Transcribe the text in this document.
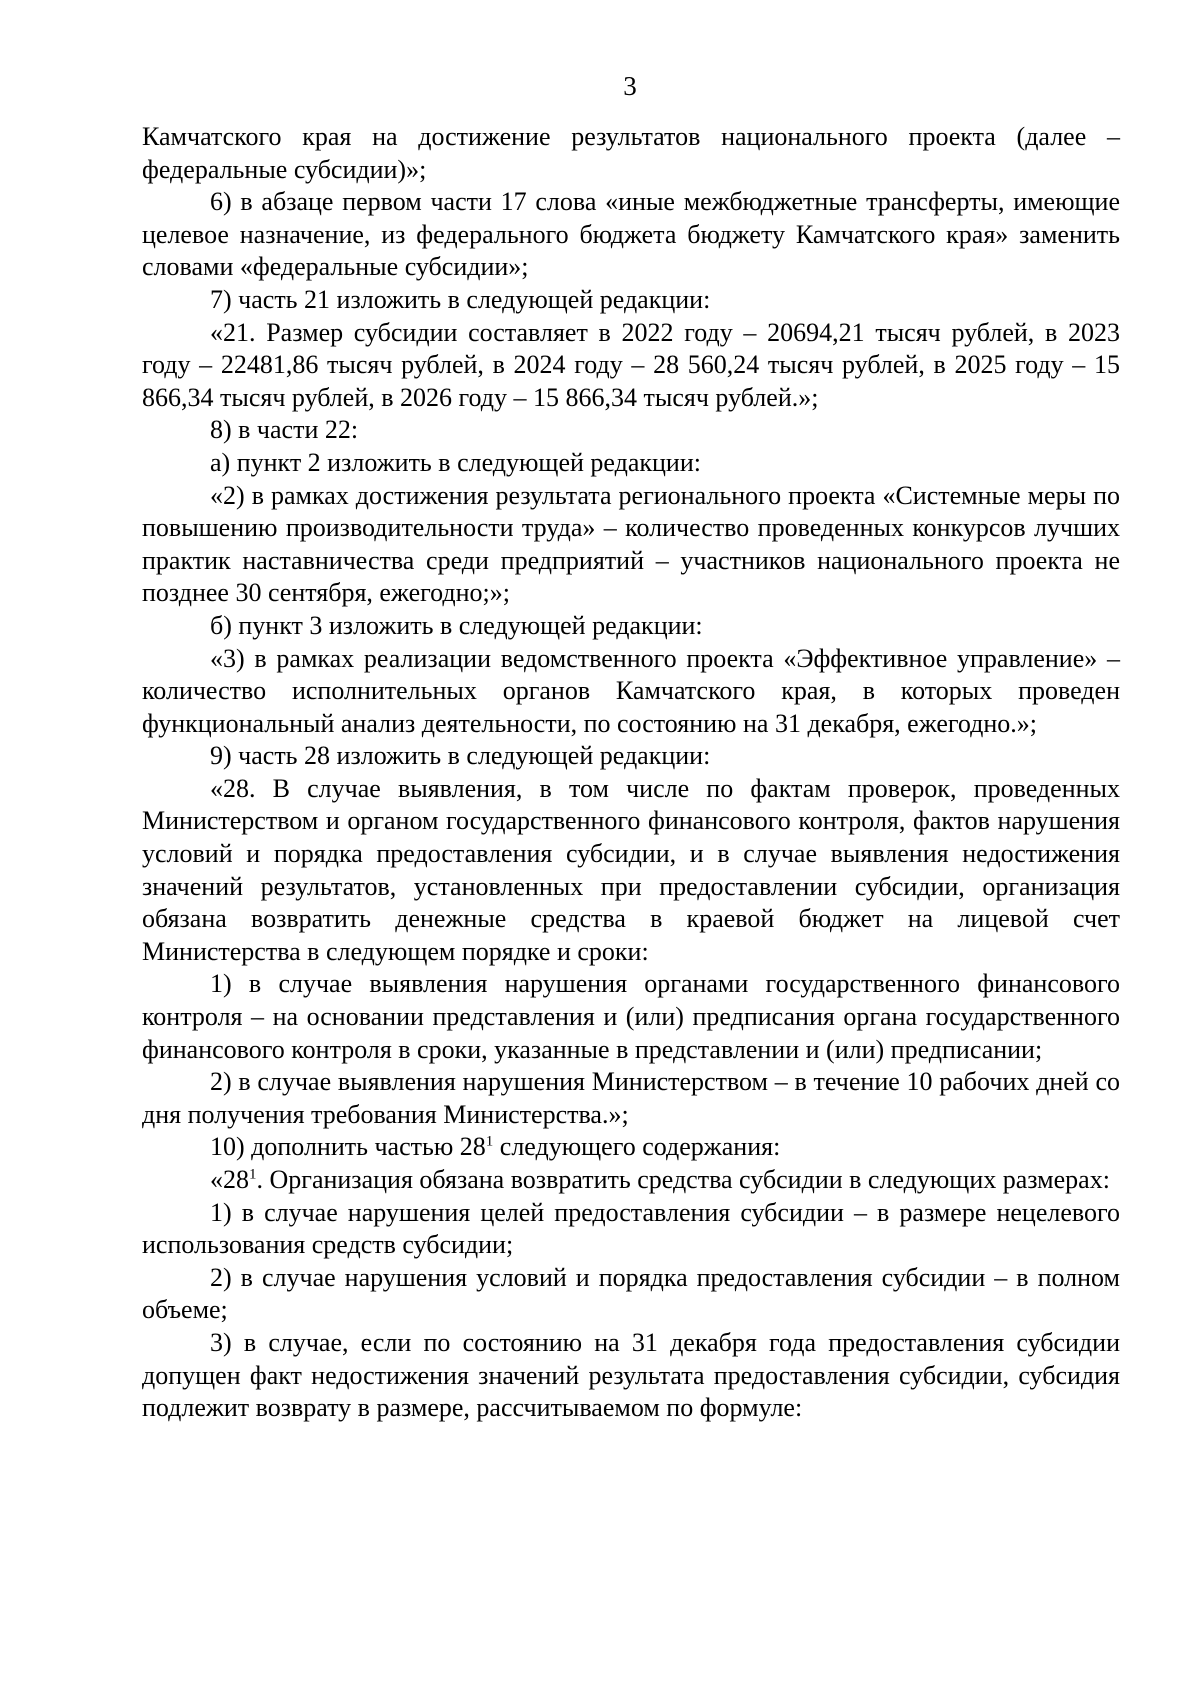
3

Камчатского края на достижение результатов национального проекта (далее – федеральные субсидии)»;

6) в абзаце первом части 17 слова «иные межбюджетные трансферты, имеющие целевое назначение, из федерального бюджета бюджету Камчатского края» заменить словами «федеральные субсидии»;

7) часть 21 изложить в следующей редакции:

«21. Размер субсидии составляет в 2022 году – 20694,21 тысяч рублей, в 2023 году – 22481,86 тысяч рублей, в 2024 году – 28 560,24 тысяч рублей, в 2025 году – 15 866,34 тысяч рублей, в 2026 году – 15 866,34 тысяч рублей.»;

8) в части 22:

а) пункт 2 изложить в следующей редакции:

«2) в рамках достижения результата регионального проекта «Системные меры по повышению производительности труда» – количество проведенных конкурсов лучших практик наставничества среди предприятий – участников национального проекта не позднее 30 сентября, ежегодно;»;

б) пункт 3 изложить в следующей редакции:

«3) в рамках реализации ведомственного проекта «Эффективное управление» – количество исполнительных органов Камчатского края, в которых проведен функциональный анализ деятельности, по состоянию на 31 декабря, ежегодно.»;

9) часть 28 изложить в следующей редакции:

«28. В случае выявления, в том числе по фактам проверок, проведенных Министерством и органом государственного финансового контроля, фактов нарушения условий и порядка предоставления субсидии, и в случае выявления недостижения значений результатов, установленных при предоставлении субсидии, организация обязана возвратить денежные средства в краевой бюджет на лицевой счет Министерства в следующем порядке и сроки:

1) в случае выявления нарушения органами государственного финансового контроля – на основании представления и (или) предписания органа государственного финансового контроля в сроки, указанные в представлении и (или) предписании;

2) в случае выявления нарушения Министерством – в течение 10 рабочих дней со дня получения требования Министерства.»;

10) дополнить частью $28^1$ следующего содержания:

«$28^1$. Организация обязана возвратить средства субсидии в следующих размерах:

1) в случае нарушения целей предоставления субсидии – в размере нецелевого использования средств субсидии;

2) в случае нарушения условий и порядка предоставления субсидии – в полном объеме;

3) в случае, если по состоянию на 31 декабря года предоставления субсидии допущен факт недостижения значений результата предоставления субсидии, субсидия подлежит возврату в размере, рассчитываемом по формуле:
